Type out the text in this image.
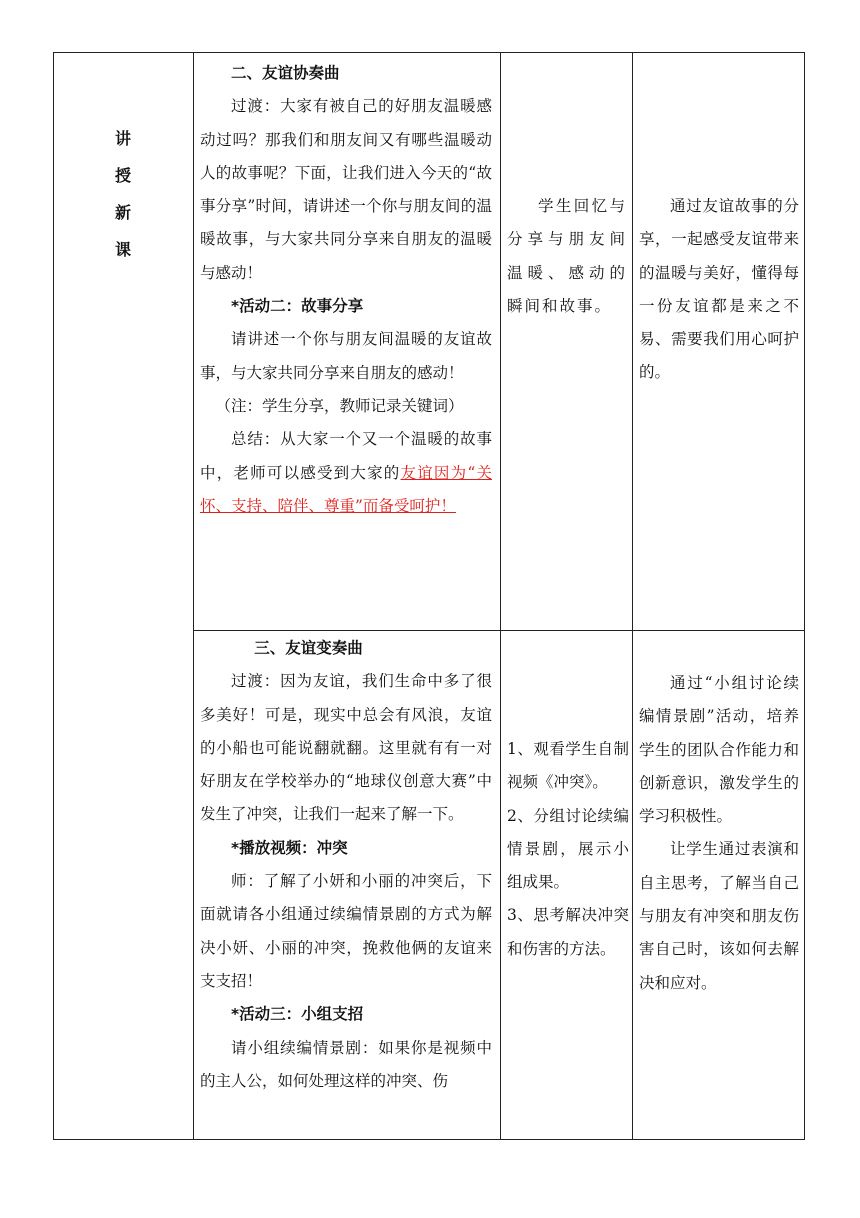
讲
授
新
课

二、友谊协奏曲

过渡：大家有被自己的好朋友温暖感动过吗？那我们和朋友间又有哪些温暖动人的故事呢？下面，让我们进入今天的“故事分享”时间，请讲述一个你与朋友间的温暖故事，与大家共同分享来自朋友的温暖与感动！

*活动二：故事分享

请讲述一个你与朋友间温暖的友谊故事，与大家共同分享来自朋友的感动！

（注：学生分享，教师记录关键词）

总结：从大家一个又一个温暖的故事中，老师可以感受到大家的友谊因为“关怀、支持、陪伴、尊重”而备受呵护！

学生回忆与分享与朋友间温暖、感动的瞬间和故事。

通过友谊故事的分享，一起感受友谊带来的温暖与美好，懂得每一份友谊都是来之不易、需要我们用心呵护的。

三、友谊变奏曲

过渡：因为友谊，我们生命中多了很多美好！可是，现实中总会有风浪，友谊的小船也可能说翻就翻。这里就有有一对好朋友在学校举办的“地球仪创意大赛”中发生了冲突，让我们一起来了解一下。

*播放视频：冲突

师：了解了小妍和小丽的冲突后，下面就请各小组通过续编情景剧的方式为解决小妍、小丽的冲突，挽救他俩的友谊来支支招！

*活动三：小组支招

请小组续编情景剧：如果你是视频中的主人公，如何处理这样的冲突、伤

1、观看学生自制视频《冲突》。

2、分组讨论续编情景剧，展示小组成果。

3、思考解决冲突和伤害的方法。

通过“小组讨论续编情景剧”活动，培养学生的团队合作能力和创新意识，激发学生的学习积极性。

让学生通过表演和自主思考，了解当自己与朋友有冲突和朋友伤害自己时，该如何去解决和应对。
